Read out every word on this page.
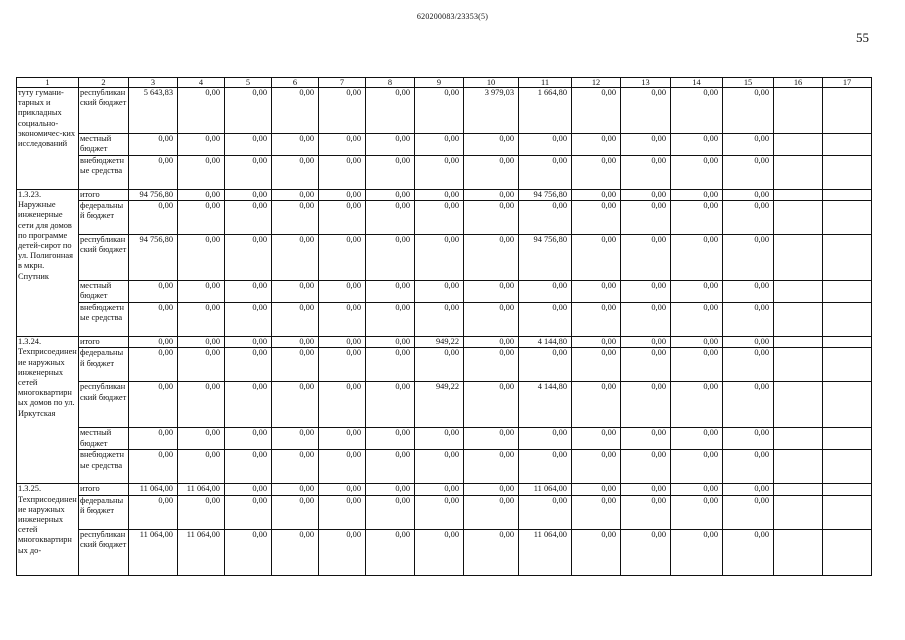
620200083/23353(5)
55
1	2	3	4	5	6	7	8	9	10	11	12	13	14	15	16	17
туту гумани-тарных и прикладных социально-экономичес-ких исследований	республиканский бюджет	5 643,83	0,00	0,00	0,00	0,00	0,00	0,00	3 979,03	1 664,80	0,00	0,00	0,00	0,00		
	местный бюджет	0,00	0,00	0,00	0,00	0,00	0,00	0,00	0,00	0,00	0,00	0,00	0,00	0,00		
	внебюджетные средства	0,00	0,00	0,00	0,00	0,00	0,00	0,00	0,00	0,00	0,00	0,00	0,00	0,00		
1.3.23. Наружные инженерные сети для домов по программе детей-сирот по ул. Полигонная в мкрн. Спутник	итого	94 756,80	0,00	0,00	0,00	0,00	0,00	0,00	0,00	94 756,80	0,00	0,00	0,00	0,00		
	федеральный бюджет	0,00	0,00	0,00	0,00	0,00	0,00	0,00	0,00	0,00	0,00	0,00	0,00	0,00		
	республиканский бюджет	94 756,80	0,00	0,00	0,00	0,00	0,00	0,00	0,00	94 756,80	0,00	0,00	0,00	0,00		
	местный бюджет	0,00	0,00	0,00	0,00	0,00	0,00	0,00	0,00	0,00	0,00	0,00	0,00	0,00		
	внебюджетные средства	0,00	0,00	0,00	0,00	0,00	0,00	0,00	0,00	0,00	0,00	0,00	0,00	0,00		
1.3.24. Техприсоединение наружных инженерных сетей многоквартирных домов по ул. Иркутская	итого	0,00	0,00	0,00	0,00	0,00	0,00	949,22	0,00	4 144,80	0,00	0,00	0,00	0,00		
	федеральный бюджет	0,00	0,00	0,00	0,00	0,00	0,00	0,00	0,00	0,00	0,00	0,00	0,00	0,00		
	республиканский бюджет	0,00	0,00	0,00	0,00	0,00	0,00	949,22	0,00	4 144,80	0,00	0,00	0,00	0,00		
	местный бюджет	0,00	0,00	0,00	0,00	0,00	0,00	0,00	0,00	0,00	0,00	0,00	0,00	0,00		
	внебюджетные средства	0,00	0,00	0,00	0,00	0,00	0,00	0,00	0,00	0,00	0,00	0,00	0,00	0,00		
1.3.25. Техприсоединение наружных инженерных сетей многоквартирных до-	итого	11 064,00	11 064,00	0,00	0,00	0,00	0,00	0,00	0,00	11 064,00	0,00	0,00	0,00	0,00		
	федеральный бюджет	0,00	0,00	0,00	0,00	0,00	0,00	0,00	0,00	0,00	0,00	0,00	0,00	0,00		
	республиканский бюджет	11 064,00	11 064,00	0,00	0,00	0,00	0,00	0,00	0,00	11 064,00	0,00	0,00	0,00	0,00		
